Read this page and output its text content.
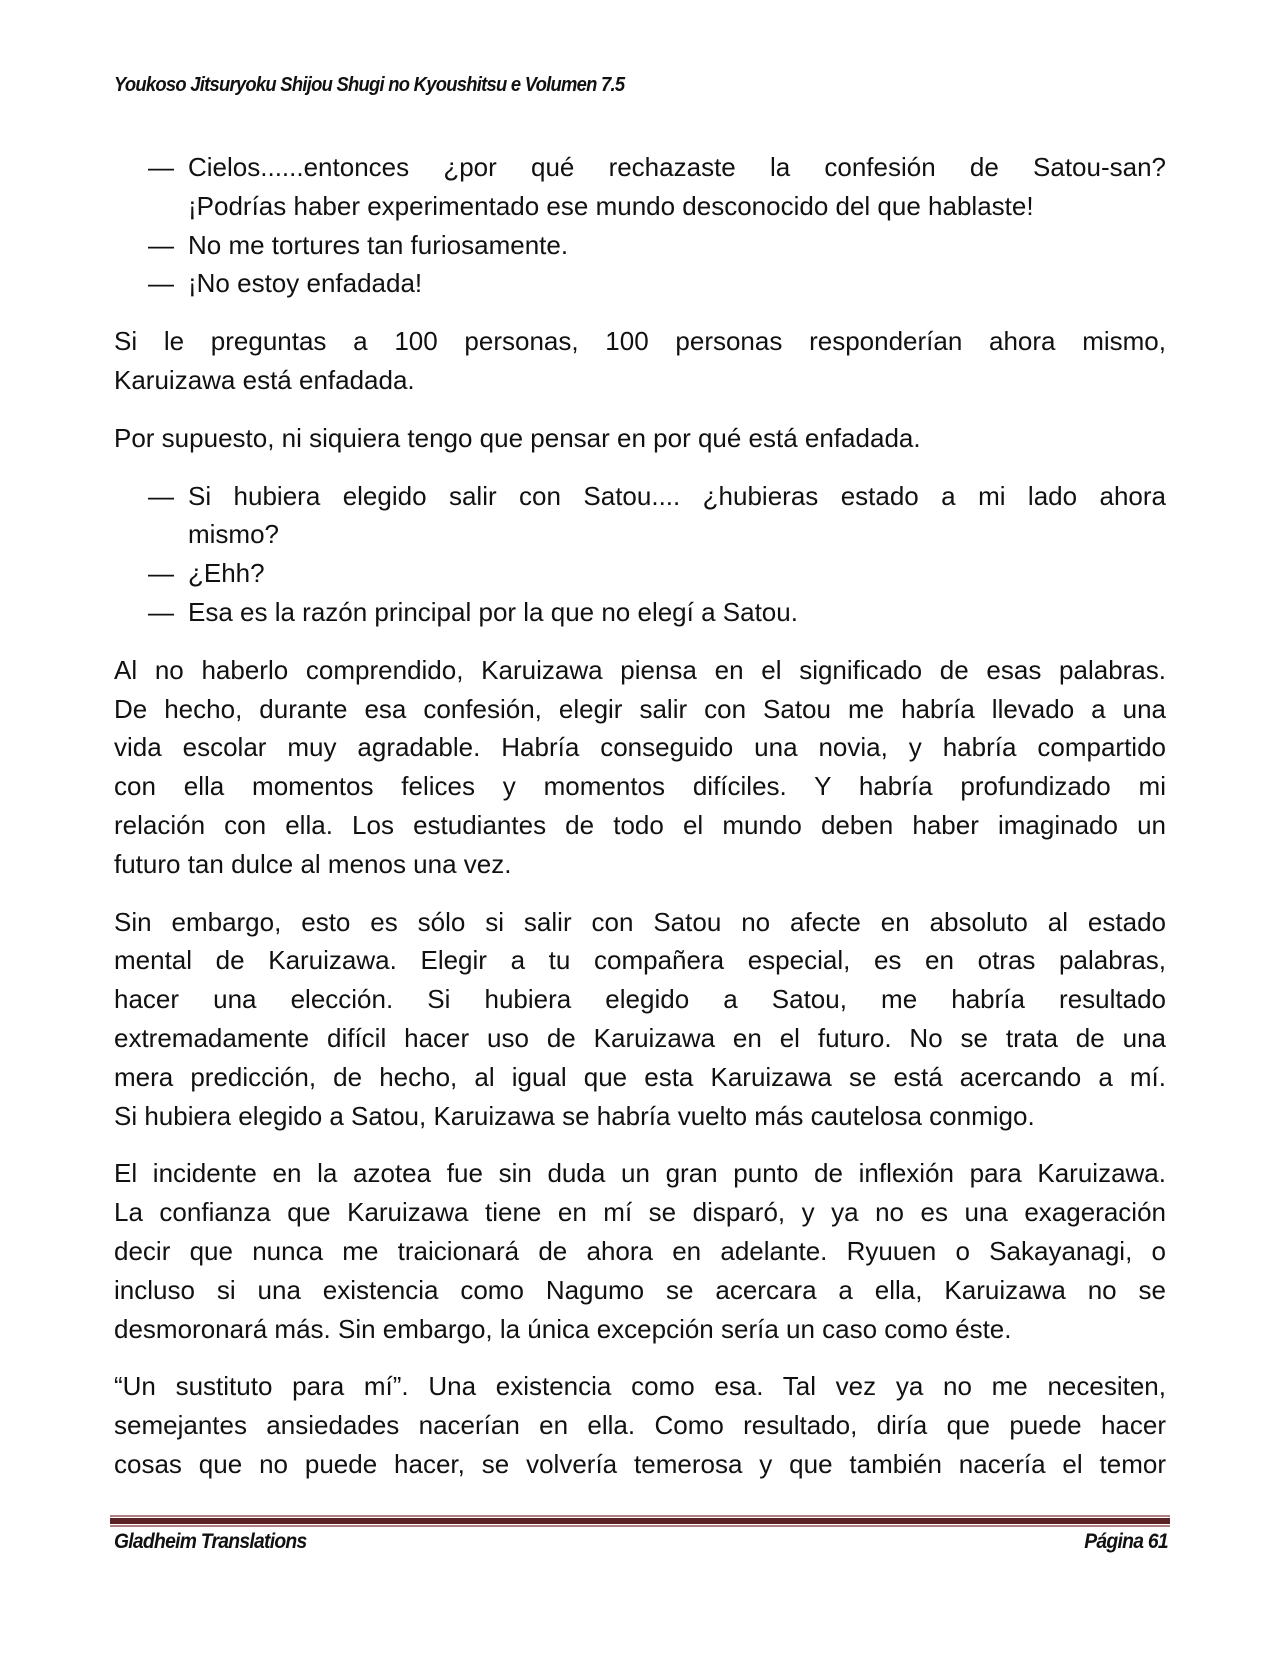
Youkoso Jitsuryoku Shijou Shugi no Kyoushitsu e Volumen 7.5
— Cielos......entonces ¿por qué rechazaste la confesión de Satou-san?
¡Podrías haber experimentado ese mundo desconocido del que hablaste!
— No me tortures tan furiosamente.
— ¡No estoy enfadada!
Si le preguntas a 100 personas, 100 personas responderían ahora mismo,
Karuizawa está enfadada.
Por supuesto, ni siquiera tengo que pensar en por qué está enfadada.
— Si hubiera elegido salir con Satou.... ¿hubieras estado a mi lado ahora
mismo?
— ¿Ehh?
— Esa es la razón principal por la que no elegí a Satou.
Al no haberlo comprendido, Karuizawa piensa en el significado de esas palabras.
De hecho, durante esa confesión, elegir salir con Satou me habría llevado a una
vida escolar muy agradable. Habría conseguido una novia, y habría compartido
con ella momentos felices y momentos difíciles. Y habría profundizado mi
relación con ella. Los estudiantes de todo el mundo deben haber imaginado un
futuro tan dulce al menos una vez.
Sin embargo, esto es sólo si salir con Satou no afecte en absoluto al estado
mental de Karuizawa. Elegir a tu compañera especial, es en otras palabras,
hacer una elección. Si hubiera elegido a Satou, me habría resultado
extremadamente difícil hacer uso de Karuizawa en el futuro. No se trata de una
mera predicción, de hecho, al igual que esta Karuizawa se está acercando a mí.
Si hubiera elegido a Satou, Karuizawa se habría vuelto más cautelosa conmigo.
El incidente en la azotea fue sin duda un gran punto de inflexión para Karuizawa.
La confianza que Karuizawa tiene en mí se disparó, y ya no es una exageración
decir que nunca me traicionará de ahora en adelante. Ryuuen o Sakayanagi, o
incluso si una existencia como Nagumo se acercara a ella, Karuizawa no se
desmoronará más. Sin embargo, la única excepción sería un caso como éste.
“Un sustituto para mí”. Una existencia como esa. Tal vez ya no me necesiten,
semejantes ansiedades nacerían en ella. Como resultado, diría que puede hacer
cosas que no puede hacer, se volvería temerosa y que también nacería el temor
Gladheim Translations	Página 61
